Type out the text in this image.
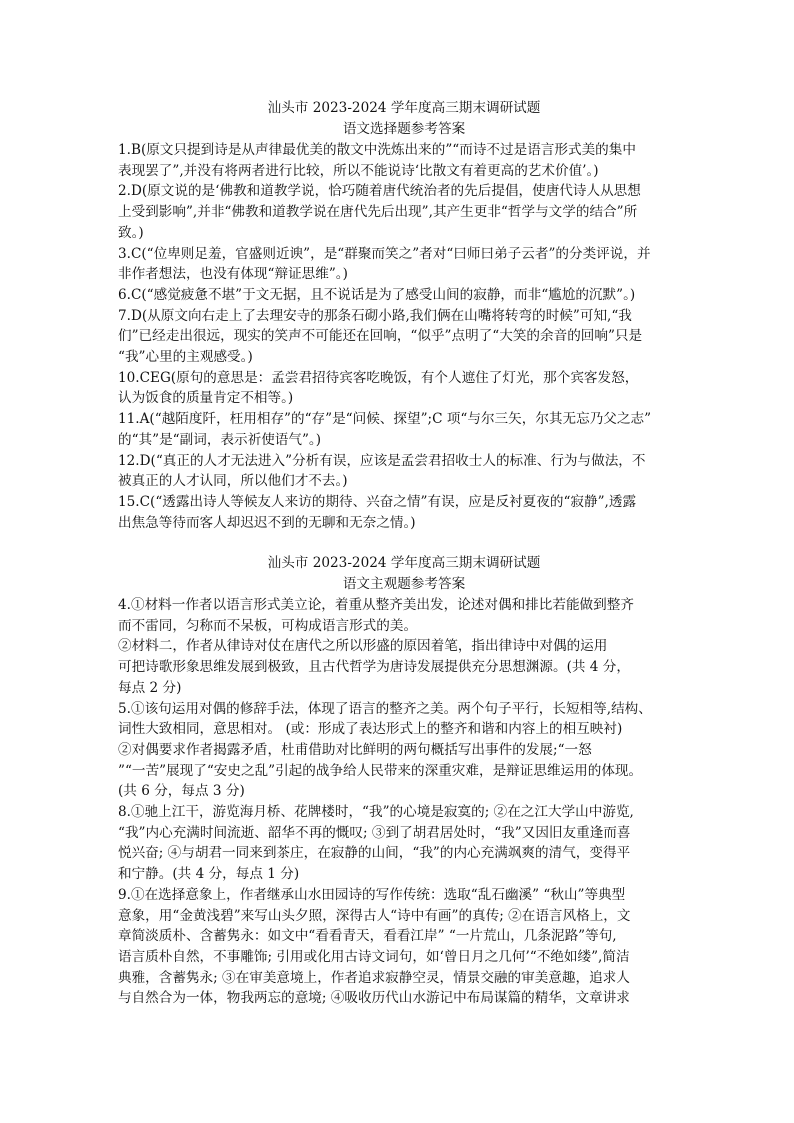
汕头市 2023-2024 学年度高三期末调研试题
语文选择题参考答案
1.B(原文只提到诗是从声律最优美的散文中洗炼出来的”“而诗不过是语言形式美的集中
表现罢了”,并没有将两者进行比较，所以不能说诗‘比散文有着更高的艺术价值’。)
2.D(原文说的是‘佛教和道教学说，恰巧随着唐代统治者的先后提倡，使唐代诗人从思想
上受到影响”,并非“佛教和道教学说在唐代先后出现”,其产生更非“哲学与文学的结合”所
致。)
3.C(“位卑则足羞，官盛则近谀”，是“群聚而笑之”者对“曰师曰弟子云者”的分类评说，并
非作者想法，也没有体现“辩证思维”。)
6.C(“感觉疲惫不堪”于文无据，且不说话是为了感受山间的寂静，而非“尴尬的沉默”。)
7.D(从原文向右走上了去理安寺的那条石砌小路,我们俩在山嘴将转弯的时候”可知,“我
们”已经走出很远，现实的笑声不可能还在回响，“似乎”点明了“大笑的余音的回响”只是
“我”心里的主观感受。)
10.CEG(原句的意思是：孟尝君招待宾客吃晚饭，有个人遮住了灯光，那个宾客发怒，
认为饭食的质量肯定不相等。)
11.A(“越陌度阡，枉用相存”的“存”是“问候、探望”;C 项“与尔三矢，尔其无忘乃父之志”
的“其”是“副词，表示祈使语气”。)
12.D(“真正的人才无法进入”分析有误，应该是孟尝君招收士人的标准、行为与做法，不
被真正的人才认同，所以他们才不去。)
15.C(“透露出诗人等候友人来访的期待、兴奋之情”有误，应是反衬夏夜的“寂静”,透露
出焦急等待而客人却迟迟不到的无聊和无奈之情。)
汕头市 2023-2024 学年度高三期末调研试题
语文主观题参考答案
4.①材料一作者以语言形式美立论，着重从整齐美出发，论述对偶和排比若能做到整齐
而不雷同，匀称而不呆板，可构成语言形式的美。
②材料二，作者从律诗对仗在唐代之所以形盛的原因着笔，指出律诗中对偶的运用
可把诗歌形象思维发展到极致，且古代哲学为唐诗发展提供充分思想渊源。(共 4 分，
每点 2 分)
5.①该句运用对偶的修辞手法，体现了语言的整齐之美。两个句子平行，长短相等,结构、
词性大致相同，意思相对。 (或：形成了表达形式上的整齐和谐和内容上的相互映衬)
②对偶要求作者揭露矛盾，杜甫借助对比鲜明的两句概括写出事件的发展;“一怒
”“一苦”展现了“安史之乱”引起的战争给人民带来的深重灾难，是辩证思维运用的体现。
(共 6 分，每点 3 分)
8.①驰上江干，游览海月桥、花牌楼时，“我”的心境是寂寞的; ②在之江大学山中游览,
“我”内心充满时间流逝、韶华不再的慨叹; ③到了胡君居处时，“我”又因旧友重逢而喜
悦兴奋; ④与胡君一同来到茶庄，在寂静的山间，“我”的内心充满飒爽的清气，变得平
和宁静。(共 4 分，每点 1 分)
9.①在选择意象上，作者继承山水田园诗的写作传统：选取“乱石幽溪” “秋山”等典型
意象，用“金黄浅碧”来写山头夕照，深得古人“诗中有画”的真传; ②在语言风格上，文
章简淡质朴、含蓄隽永：如文中“看看青天，看看江岸” “一片荒山，几条泥路”等句,
语言质朴自然，不事雕饰; 引用或化用古诗文词句，如‘曾日月之几何’“不绝如缕”,简洁
典雅，含蓄隽永; ③在审美意境上，作者追求寂静空灵，情景交融的审美意趣，追求人
与自然合为一体，物我两忘的意境; ④吸收历代山水游记中布局谋篇的精华，文章讲求
